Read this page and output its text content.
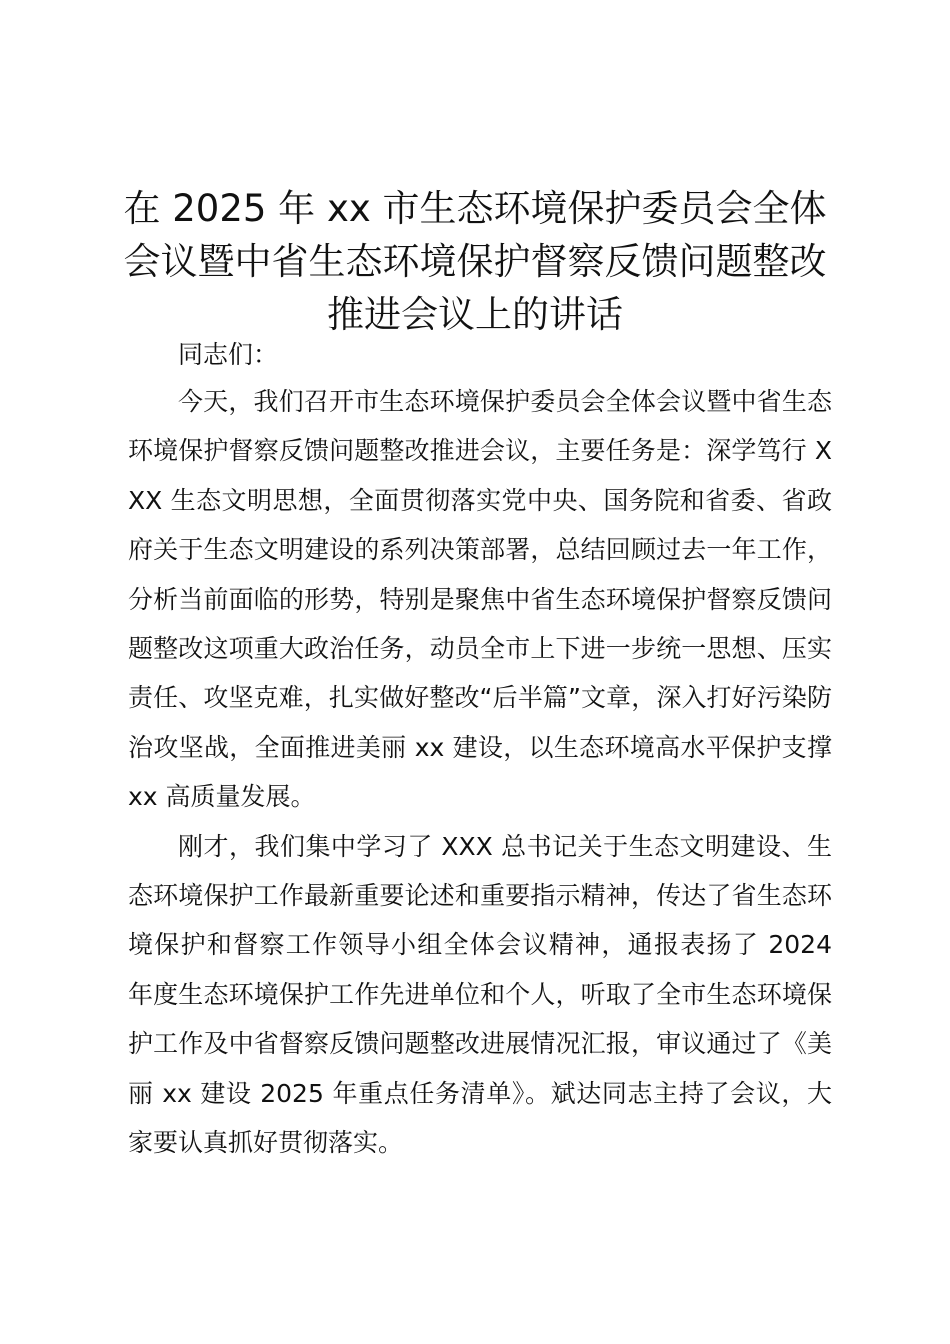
在 2025 年 xx 市生态环境保护委员会全体会议暨中省生态环境保护督察反馈问题整改推进会议上的讲话

同志们：

今天，我们召开市生态环境保护委员会全体会议暨中省生态环境保护督察反馈问题整改推进会议，主要任务是：深学笃行 XXX 生态文明思想，全面贯彻落实党中央、国务院和省委、省政府关于生态文明建设的系列决策部署，总结回顾过去一年工作，分析当前面临的形势，特别是聚焦中省生态环境保护督察反馈问题整改这项重大政治任务，动员全市上下进一步统一思想、压实责任、攻坚克难，扎实做好整改“后半篇”文章，深入打好污染防治攻坚战，全面推进美丽 xx 建设，以生态环境高水平保护支撑 xx 高质量发展。

刚才，我们集中学习了 XXX 总书记关于生态文明建设、生态环境保护工作最新重要论述和重要指示精神，传达了省生态环境保护和督察工作领导小组全体会议精神，通报表扬了 2024 年度生态环境保护工作先进单位和个人，听取了全市生态环境保护工作及中省督察反馈问题整改进展情况汇报，审议通过了《美丽 xx 建设 2025 年重点任务清单》。斌达同志主持了会议，大家要认真抓好贯彻落实。
